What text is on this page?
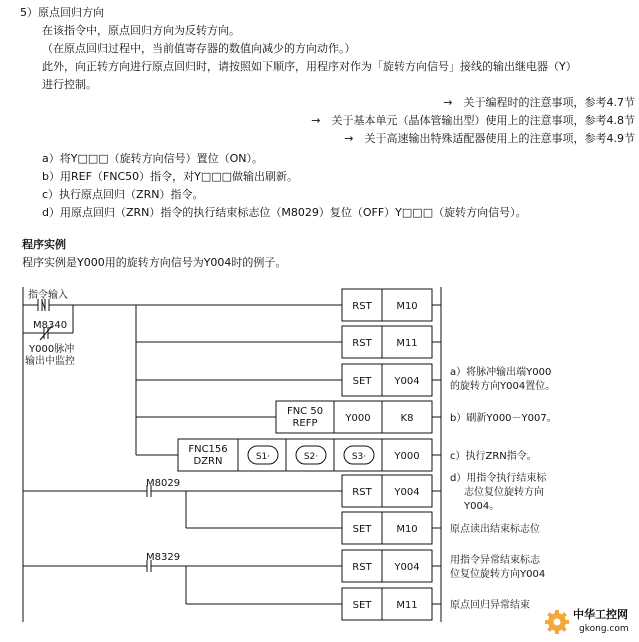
5）原点回归方向
在该指令中，原点回归方向为反转方向。
（在原点回归过程中，当前值寄存器的数值向减少的方向动作。）
此外，向正转方向进行原点回归时，请按照如下顺序，用程序对作为「旋转方向信号」接线的输出继电器（Y）
进行控制。
→　关于编程时的注意事项，参考4.7节
→　关于基本单元（晶体管输出型）使用上的注意事项，参考4.8节
→　关于高速输出特殊适配器使用上的注意事项，参考4.9节
a）将Y□□□（旋转方向信号）置位（ON）。
b）用REF（FNC50）指令，对Y□□□做输出刷新。
c）执行原点回归（ZRN）指令。
d）用原点回归（ZRN）指令的执行结束标志位（M8029）复位（OFF）Y□□□（旋转方向信号）。
程序实例
程序实例是Y000用的旋转方向信号为Y004时的例子。
指令输入
M8340
Y000脉冲
输出中监控
M8029
M8329
RST M10
RST M11
SET Y004
FNC 50
REFP	Y000	K8
FNC156
DZRN	S1·	S2·	S3·	Y000
RST Y004
SET M10
RST Y004
SET M11
a）将脉冲输出端Y000
的旋转方向Y004置位。
b）刷新Y000－Y007。
c）执行ZRN指令。
d）用指令执行结束标
志位复位旋转方向
Y004。
原点读出结束标志位
用指令异常结束标志
位复位旋转方向Y004
原点回归异常结束
中华工控网
gkong.com
